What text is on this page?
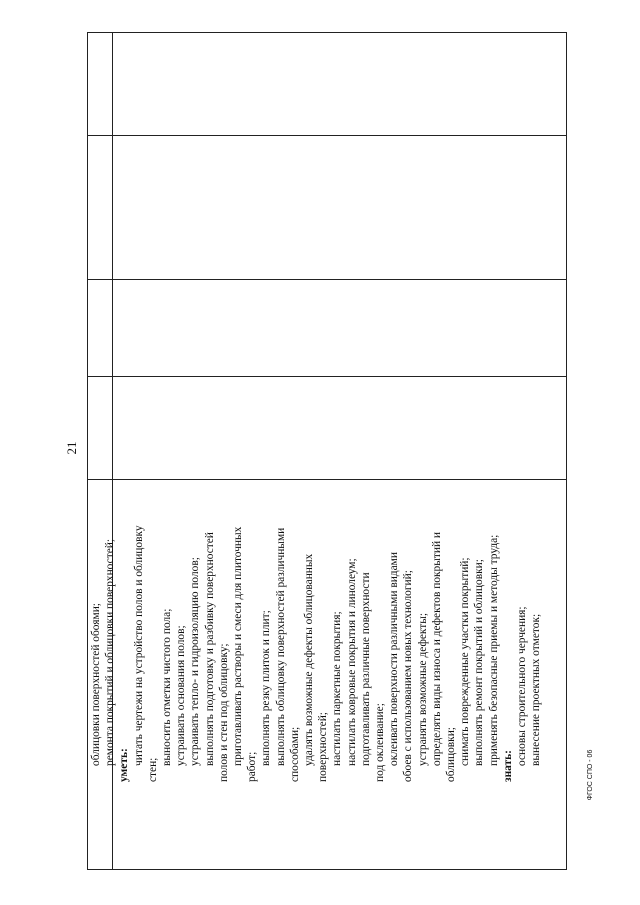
21
облицовки поверхностей обоями; ремонта покрытий и облицовки поверхностей; уметь: читать чертежи на устройство полов и облицовку
стен;
выносить отметки чистого пола; устраивать основания полов; устраивать тепло- и гидроизоляцию полов; выполнять подготовку и разбивку поверхностей полов и стен под облицовку; приготавливать растворы и смеси для плиточных
работ;
выполнять резку плиток и плит; выполнять облицовку поверхностей различными способами; удалять возможные дефекты облицованных поверхностей; настилать паркетные покрытия; настилать ковровые покрытия и линолеум; подготавливать различные поверхности под оклеивание; оклеивать поверхности различными видами обоев с использованием новых технологий; устранять возможные дефекты; определять виды износа и дефектов покрытий и облицовки; снимать поврежденные участки покрытий; выполнять ремонт покрытий и облицовки; применять безопасные приемы и методы труда;
знать:
основы строительного черчения; вынесение проектных отметок;
ФГОС СПО - 06
